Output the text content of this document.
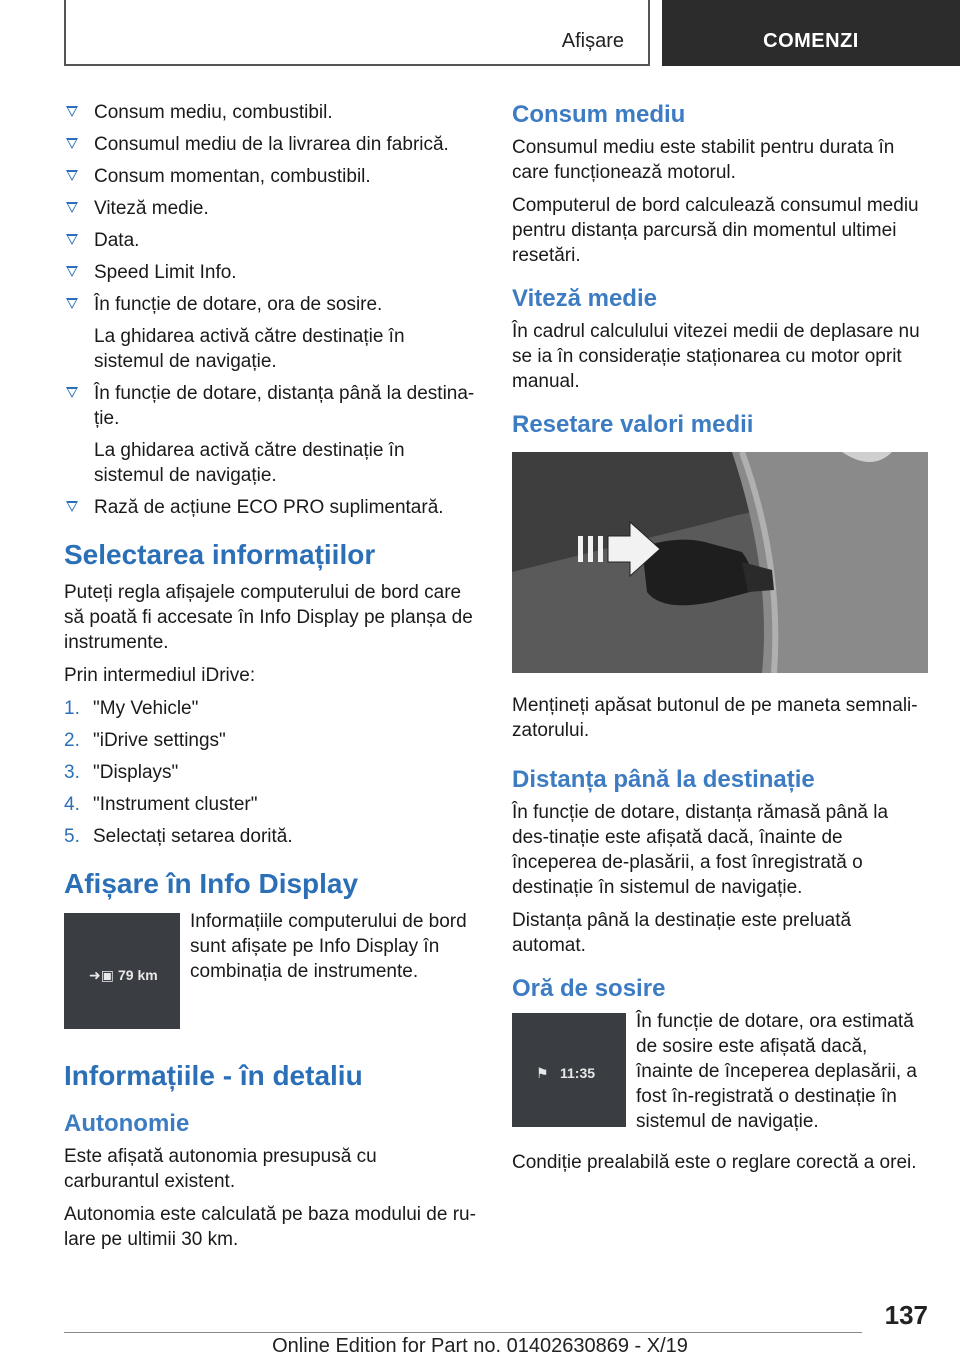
Afișare	COMENZI

Consum mediu, combustibil.

Consumul mediu de la livrarea din fabrică.

Consum momentan, combustibil.

Viteză medie.

Data.

Speed Limit Info.

În funcție de dotare, ora de sosire.

La ghidarea activă către destinație în sistemul de navigație.

În funcție de dotare, distanța până la destina‐ție.

La ghidarea activă către destinație în sistemul de navigație.

Rază de acțiune ECO PRO suplimentară.

Selectarea informațiilor

Puteți regla afișajele computerului de bord care să poată fi accesate în Info Display pe planșa de instrumente.

Prin intermediul iDrive:

1. "My Vehicle"
2. "iDrive settings"
3. "Displays"
4. "Instrument cluster"
5. Selectați setarea dorită.
Afișare în Info Display
➜▣ 79 km

Informațiile computerului de bord sunt afișate pe Info Display în combinația de instrumente.

Informațiile - în detaliu
Autonomie

Este afișată autonomia presupusă cu carburantul existent.

Autonomia este calculată pe baza modului de ru‐lare pe ultimii 30 km.

Consum mediu

Consumul mediu este stabilit pentru durata în care funcționează motorul.

Computerul de bord calculează consumul mediu pentru distanța parcursă din momentul ultimei resetări.

Viteză medie

În cadrul calculului vitezei medii de deplasare nu se ia în considerație staționarea cu motor oprit manual.

Resetare valori medii

Mențineți apăsat butonul de pe maneta semnali‐zatorului.

Distanța până la destinație

În funcție de dotare, distanța rămasă până la des‐tinație este afișată dacă, înainte de începerea de‐plasării, a fost înregistrată o destinație în sistemul de navigație.

Distanța până la destinație este preluată automat.

Oră de sosire
⚑ 11:35

În funcție de dotare, ora estimată de sosire este afișată dacă, înainte de începerea deplasării, a fost în‐registrată o destinație în sistemul de navigație.

Condiție prealabilă este o reglare corectă a orei.

137
Online Edition for Part no. 01402630869 - X/19
